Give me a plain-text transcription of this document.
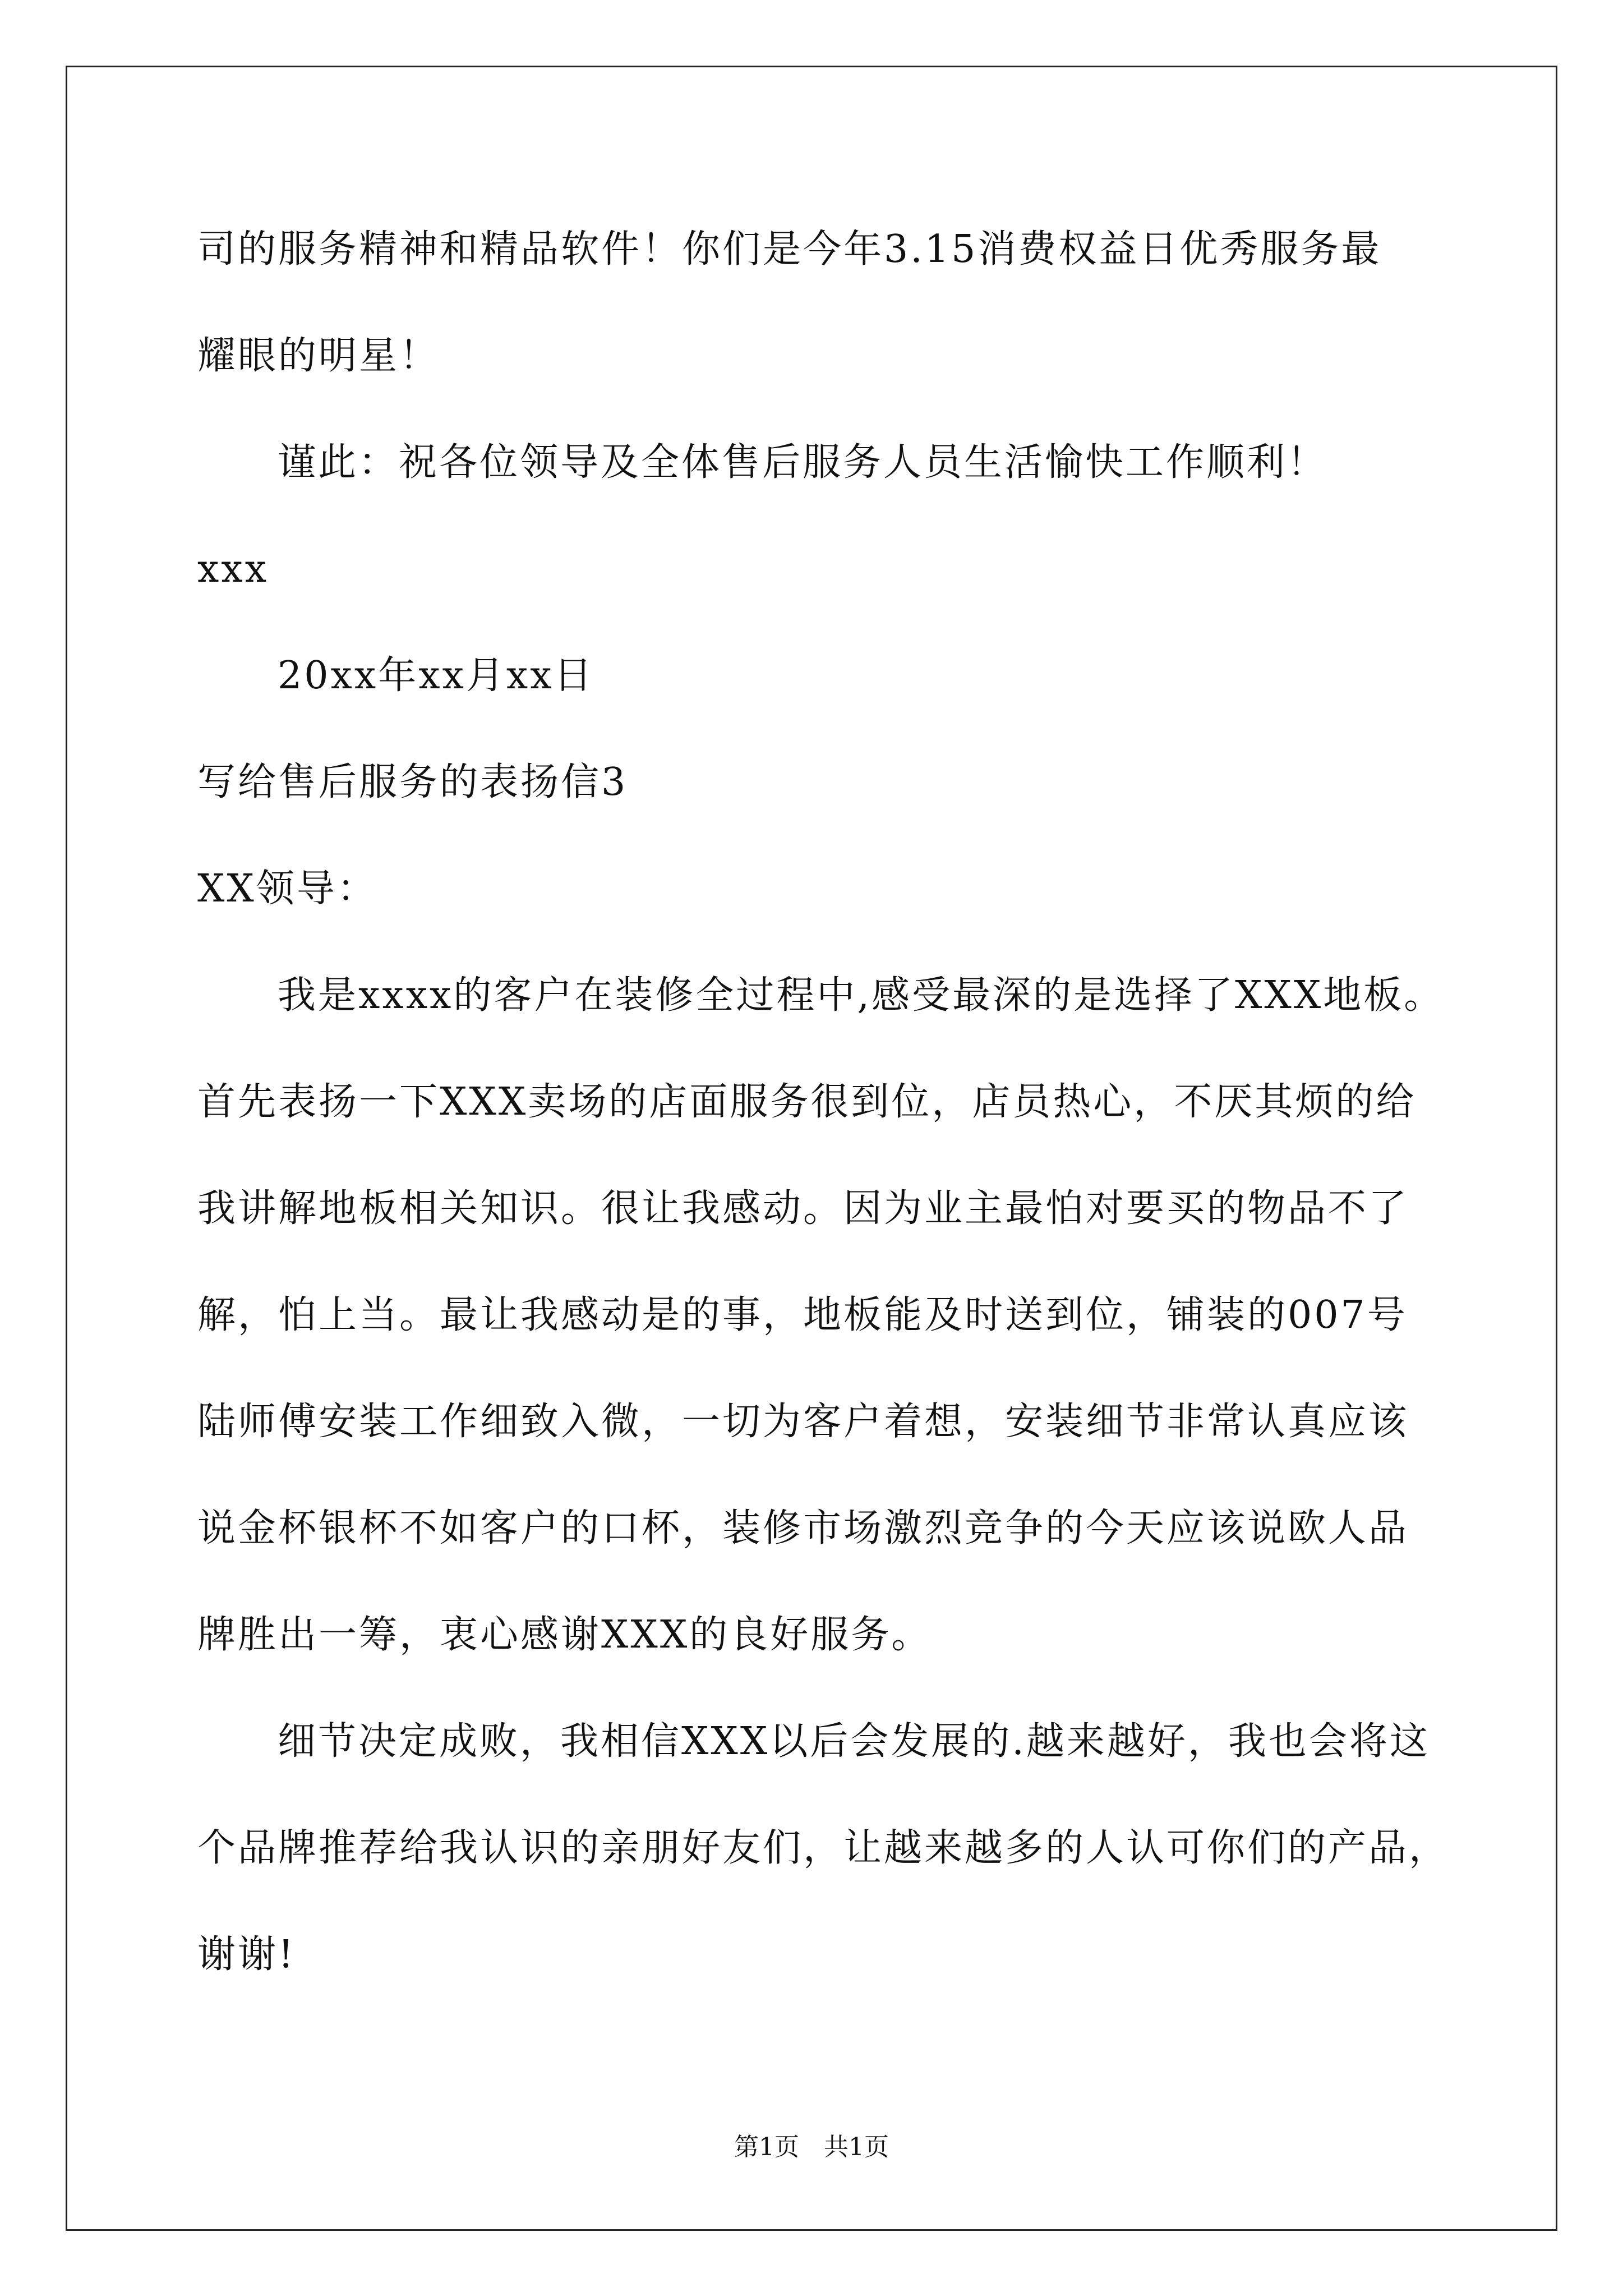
司的服务精神和精品软件！你们是今年3.15消费权益日优秀服务最
耀眼的明星！
谨此：祝各位领导及全体售后服务人员生活愉快工作顺利！
xxx
20xx年xx月xx日
写给售后服务的表扬信3
XX领导：
我是xxxx的客户在装修全过程中,感受最深的是选择了XXX地板。
首先表扬一下XXX卖场的店面服务很到位，店员热心，不厌其烦的给
我讲解地板相关知识。很让我感动。因为业主最怕对要买的物品不了
解，怕上当。最让我感动是的事，地板能及时送到位，铺装的007号
陆师傅安装工作细致入微，一切为客户着想，安装细节非常认真应该
说金杯银杯不如客户的口杯，装修市场激烈竞争的今天应该说欧人品
牌胜出一筹，衷心感谢XXX的良好服务。
细节决定成败，我相信XXX以后会发展的.越来越好，我也会将这
个品牌推荐给我认识的亲朋好友们，让越来越多的人认可你们的产品，
谢谢!
第1页　共1页
